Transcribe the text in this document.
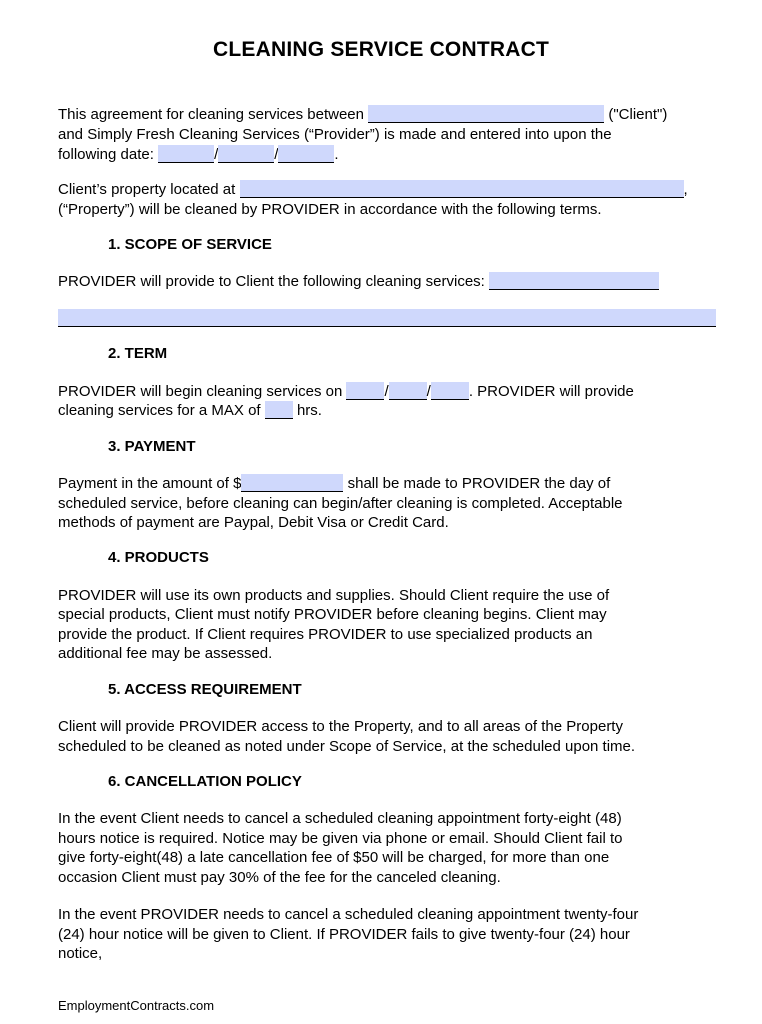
CLEANING SERVICE CONTRACT
This agreement for cleaning services between	("Client")
and Simply Fresh Cleaning Services (“Provider”) is made and entered into upon the
following date:	/	/	.
Client’s property located at	,
(“Property”) will be cleaned by PROVIDER in accordance with the following terms.
1. SCOPE OF SERVICE
PROVIDER will provide to Client the following cleaning services:
2. TERM
PROVIDER will begin cleaning services on	/	/	. PROVIDER will provide
cleaning services for a MAX of hrs.
3. PAYMENT
Payment in the amount of $	shall be made to PROVIDER the day of
scheduled service, before cleaning can begin/after cleaning is completed. Acceptable
methods of payment are Paypal, Debit Visa or Credit Card.
4. PRODUCTS
PROVIDER will use its own products and supplies. Should Client require the use of
special products, Client must notify PROVIDER before cleaning begins. Client may
provide the product. If Client requires PROVIDER to use specialized products an
additional fee may be assessed.
5. ACCESS REQUIREMENT
Client will provide PROVIDER access to the Property, and to all areas of the Property
scheduled to be cleaned as noted under Scope of Service, at the scheduled upon time.
6. CANCELLATION POLICY
In the event Client needs to cancel a scheduled cleaning appointment forty-eight (48)
hours notice is required. Notice may be given via phone or email. Should Client fail to
give forty-eight(48) a late cancellation fee of $50 will be charged, for more than one
occasion Client must pay 30% of the fee for the canceled cleaning.
In the event PROVIDER needs to cancel a scheduled cleaning appointment twenty-four
(24) hour notice will be given to Client. If PROVIDER fails to give twenty-four (24) hour
notice,
EmploymentContracts.com
